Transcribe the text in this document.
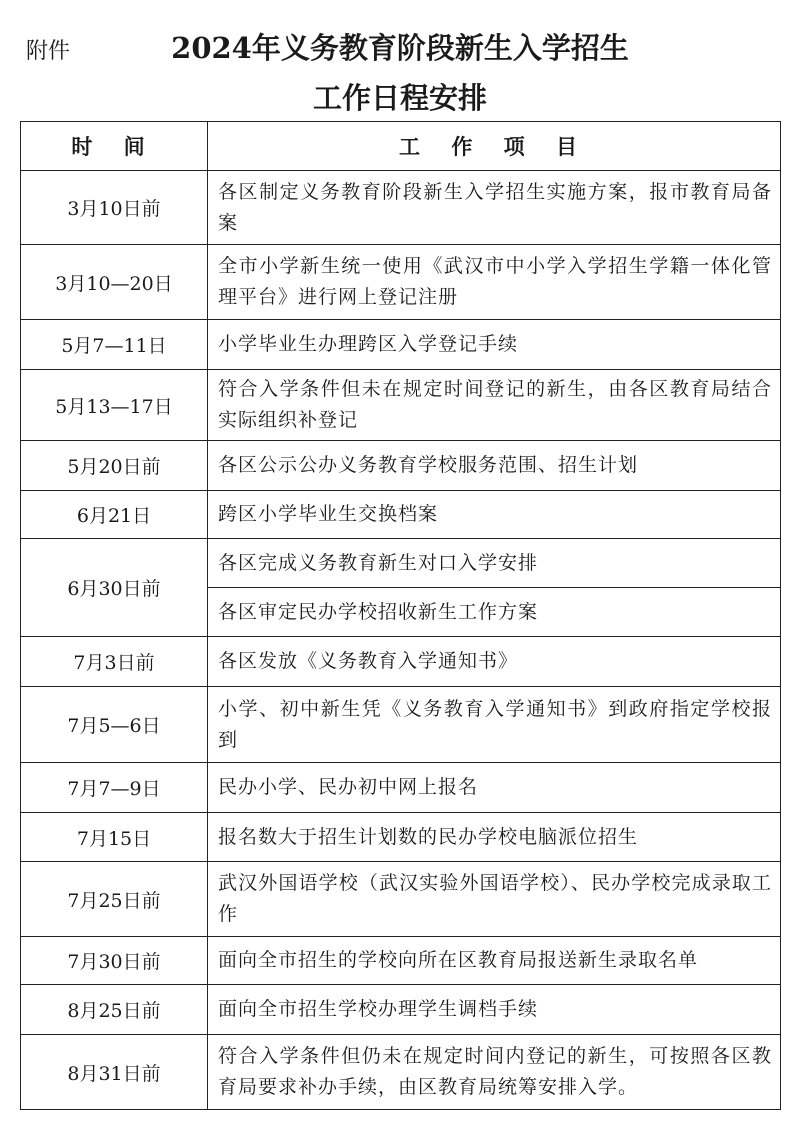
附件	2024年义务教育阶段新生入学招生
工作日程安排
时 间	工 作 项 目
3月10日前	各区制定义务教育阶段新生入学招生实施方案，报市教育局备案
3月10—20日	全市小学新生统一使用《武汉市中小学入学招生学籍一体化管理平台》进行网上登记注册
5月7—11日	小学毕业生办理跨区入学登记手续
5月13—17日	符合入学条件但未在规定时间登记的新生，由各区教育局结合实际组织补登记
5月20日前	各区公示公办义务教育学校服务范围、招生计划
6月21日	跨区小学毕业生交换档案
6月30日前	各区完成义务教育新生对口入学安排
	各区审定民办学校招收新生工作方案
7月3日前	各区发放《义务教育入学通知书》
7月5—6日	小学、初中新生凭《义务教育入学通知书》到政府指定学校报到
7月7—9日	民办小学、民办初中网上报名
7月15日	报名数大于招生计划数的民办学校电脑派位招生
7月25日前	武汉外国语学校（武汉实验外国语学校）、民办学校完成录取工作
7月30日前	面向全市招生的学校向所在区教育局报送新生录取名单
8月25日前	面向全市招生学校办理学生调档手续
8月31日前	符合入学条件但仍未在规定时间内登记的新生，可按照各区教育局要求补办手续，由区教育局统筹安排入学。
